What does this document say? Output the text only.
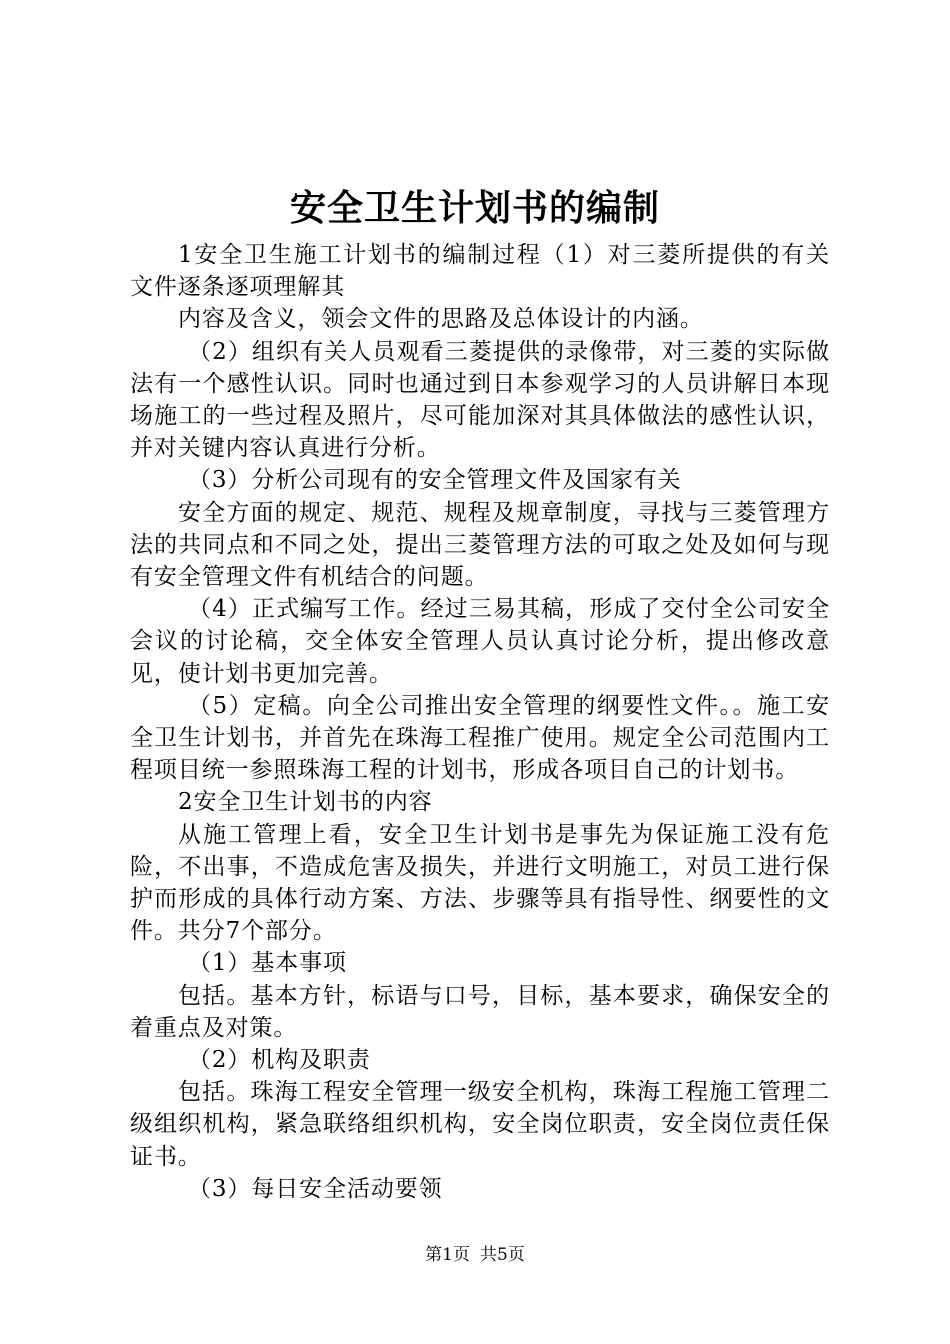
安全卫生计划书的编制

1安全卫生施工计划书的编制过程（1）对三菱所提供的有关文件逐条逐项理解其

内容及含义，领会文件的思路及总体设计的内涵。

（2）组织有关人员观看三菱提供的录像带，对三菱的实际做法有一个感性认识。同时也通过到日本参观学习的人员讲解日本现场施工的一些过程及照片，尽可能加深对其具体做法的感性认识，并对关键内容认真进行分析。

（3）分析公司现有的安全管理文件及国家有关

安全方面的规定、规范、规程及规章制度，寻找与三菱管理方法的共同点和不同之处，提出三菱管理方法的可取之处及如何与现有安全管理文件有机结合的问题。

（4）正式编写工作。经过三易其稿，形成了交付全公司安全会议的讨论稿，交全体安全管理人员认真讨论分析，提出修改意见，使计划书更加完善。

（5）定稿。向全公司推出安全管理的纲要性文件。。施工安全卫生计划书，并首先在珠海工程推广使用。规定全公司范围内工程项目统一参照珠海工程的计划书，形成各项目自己的计划书。

2安全卫生计划书的内容

从施工管理上看，安全卫生计划书是事先为保证施工没有危险，不出事，不造成危害及损失，并进行文明施工，对员工进行保护而形成的具体行动方案、方法、步骤等具有指导性、纲要性的文件。共分7个部分。

（1）基本事项

包括。基本方针，标语与口号，目标，基本要求，确保安全的着重点及对策。

（2）机构及职责

包括。珠海工程安全管理一级安全机构，珠海工程施工管理二级组织机构，紧急联络组织机构，安全岗位职责，安全岗位责任保证书。

（3）每日安全活动要领

第1页 共5页
